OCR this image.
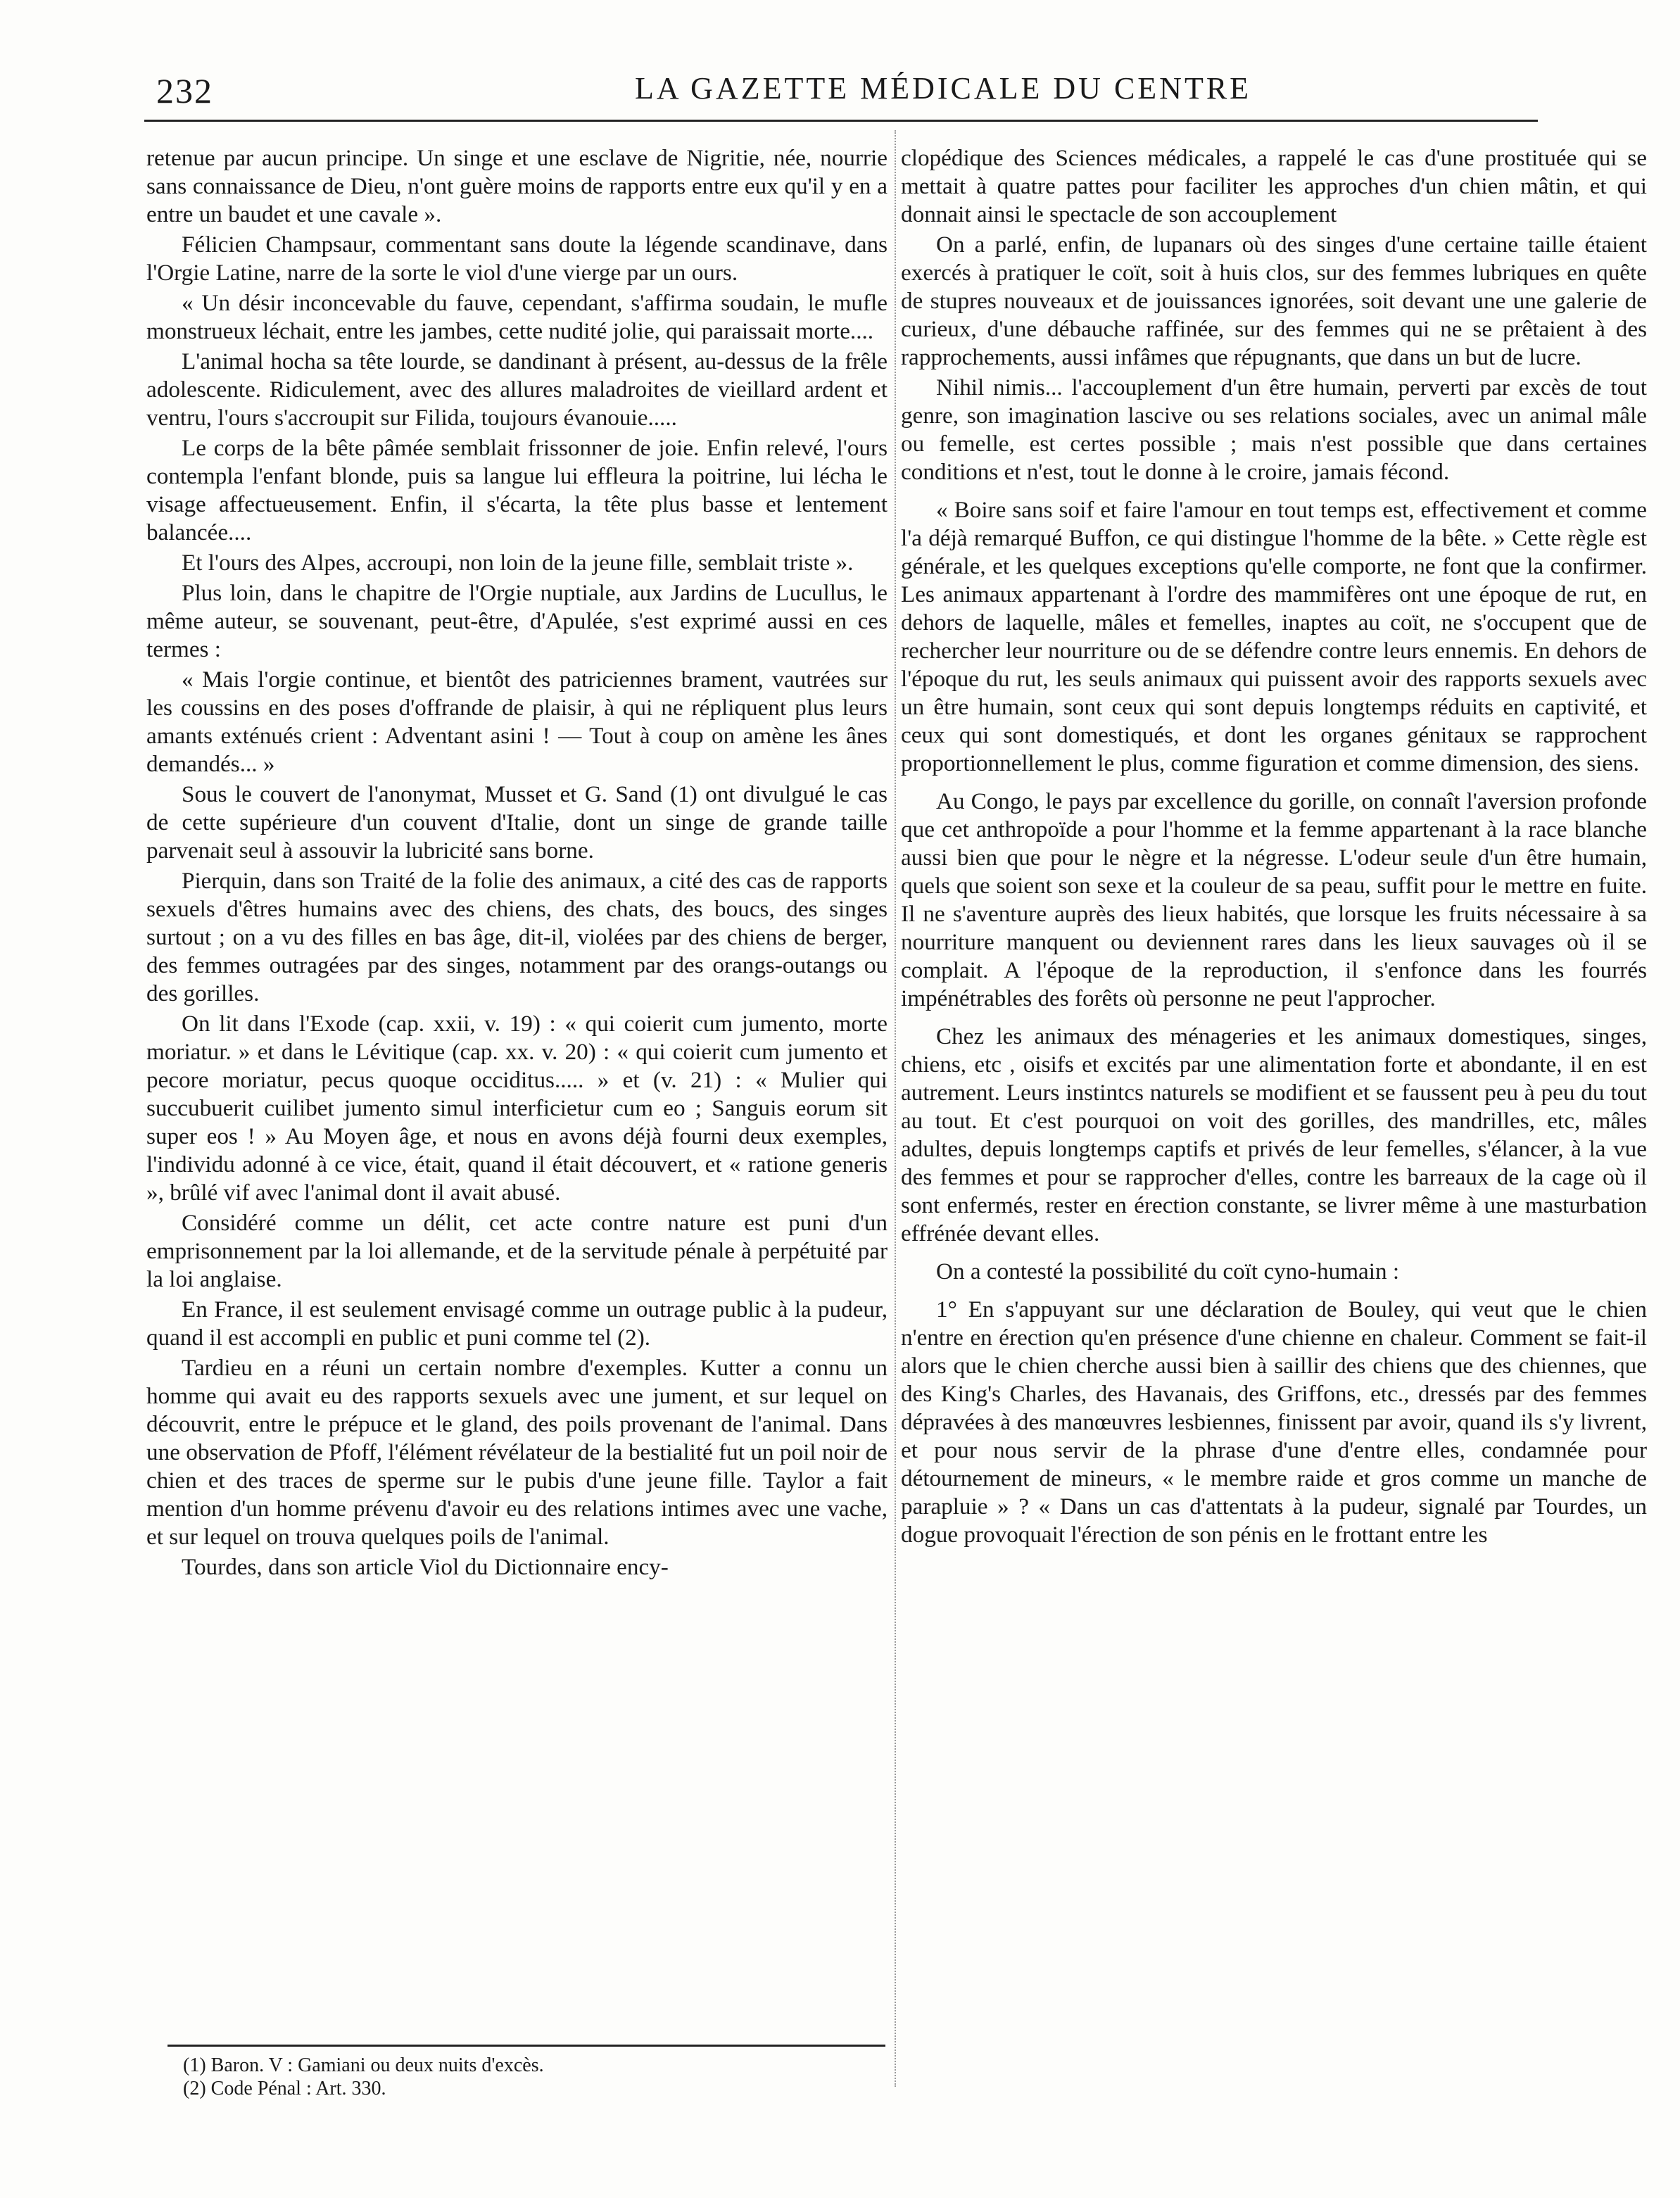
232	LA GAZETTE MÉDICALE DU CENTRE

retenue par aucun principe. Un singe et une esclave de Nigritie, née, nourrie sans connaissance de Dieu, n'ont guère moins de rapports entre eux qu'il y en a entre un baudet et une cavale ».

Félicien Champsaur, commentant sans doute la légende scandinave, dans l'Orgie Latine, narre de la sorte le viol d'une vierge par un ours.

« Un désir inconcevable du fauve, cependant, s'affirma soudain, le mufle monstrueux léchait, entre les jambes, cette nudité jolie, qui paraissait morte....

L'animal hocha sa tête lourde, se dandinant à présent, au-dessus de la frêle adolescente. Ridiculement, avec des allures maladroites de vieillard ardent et ventru, l'ours s'accroupit sur Filida, toujours évanouie.....

Le corps de la bête pâmée semblait frissonner de joie. Enfin relevé, l'ours contempla l'enfant blonde, puis sa langue lui effleura la poitrine, lui lécha le visage affectueusement. Enfin, il s'écarta, la tête plus basse et lentement balancée....

Et l'ours des Alpes, accroupi, non loin de la jeune fille, semblait triste ».

Plus loin, dans le chapitre de l'Orgie nuptiale, aux Jardins de Lucullus, le même auteur, se souvenant, peut-être, d'Apulée, s'est exprimé aussi en ces termes :

« Mais l'orgie continue, et bientôt des patriciennes brament, vautrées sur les coussins en des poses d'offrande de plaisir, à qui ne répliquent plus leurs amants exténués crient : Adventant asini ! — Tout à coup on amène les ânes demandés... »

Sous le couvert de l'anonymat, Musset et G. Sand (1) ont divulgué le cas de cette supérieure d'un couvent d'Italie, dont un singe de grande taille parvenait seul à assouvir la lubricité sans borne.

Pierquin, dans son Traité de la folie des animaux, a cité des cas de rapports sexuels d'êtres humains avec des chiens, des chats, des boucs, des singes surtout ; on a vu des filles en bas âge, dit-il, violées par des chiens de berger, des femmes outragées par des singes, notamment par des orangs-outangs ou des gorilles.

On lit dans l'Exode (cap. xxii, v. 19) : « qui coierit cum jumento, morte moriatur. » et dans le Lévitique (cap. xx. v. 20) : « qui coierit cum jumento et pecore moriatur, pecus quoque occiditus..... » et (v. 21) : « Mulier qui succubuerit cuilibet jumento simul interficietur cum eo ; Sanguis eorum sit super eos ! » Au Moyen âge, et nous en avons déjà fourni deux exemples, l'individu adonné à ce vice, était, quand il était découvert, et « ratione generis », brûlé vif avec l'animal dont il avait abusé.

Considéré comme un délit, cet acte contre nature est puni d'un emprisonnement par la loi allemande, et de la servitude pénale à perpétuité par la loi anglaise.

En France, il est seulement envisagé comme un outrage public à la pudeur, quand il est accompli en public et puni comme tel (2).

Tardieu en a réuni un certain nombre d'exemples. Kutter a connu un homme qui avait eu des rapports sexuels avec une jument, et sur lequel on découvrit, entre le prépuce et le gland, des poils provenant de l'animal. Dans une observation de Pfoff, l'élément révélateur de la bestialité fut un poil noir de chien et des traces de sperme sur le pubis d'une jeune fille. Taylor a fait mention d'un homme prévenu d'avoir eu des relations intimes avec une vache, et sur lequel on trouva quelques poils de l'animal.

Tourdes, dans son article Viol du Dictionnaire ency-

clopédique des Sciences médicales, a rappelé le cas d'une prostituée qui se mettait à quatre pattes pour faciliter les approches d'un chien mâtin, et qui donnait ainsi le spectacle de son accouplement

On a parlé, enfin, de lupanars où des singes d'une certaine taille étaient exercés à pratiquer le coït, soit à huis clos, sur des femmes lubriques en quête de stupres nouveaux et de jouissances ignorées, soit devant une une galerie de curieux, d'une débauche raffinée, sur des femmes qui ne se prêtaient à des rapprochements, aussi infâmes que répugnants, que dans un but de lucre.

Nihil nimis... l'accouplement d'un être humain, perverti par excès de tout genre, son imagination lascive ou ses relations sociales, avec un animal mâle ou femelle, est certes possible ; mais n'est possible que dans certaines conditions et n'est, tout le donne à le croire, jamais fécond.

« Boire sans soif et faire l'amour en tout temps est, effectivement et comme l'a déjà remarqué Buffon, ce qui distingue l'homme de la bête. » Cette règle est générale, et les quelques exceptions qu'elle comporte, ne font que la confirmer. Les animaux appartenant à l'ordre des mammifères ont une époque de rut, en dehors de laquelle, mâles et femelles, inaptes au coït, ne s'occupent que de rechercher leur nourriture ou de se défendre contre leurs ennemis. En dehors de l'époque du rut, les seuls animaux qui puissent avoir des rapports sexuels avec un être humain, sont ceux qui sont depuis longtemps réduits en captivité, et ceux qui sont domestiqués, et dont les organes génitaux se rapprochent proportionnellement le plus, comme figuration et comme dimension, des siens.

Au Congo, le pays par excellence du gorille, on connaît l'aversion profonde que cet anthropoïde a pour l'homme et la femme appartenant à la race blanche aussi bien que pour le nègre et la négresse. L'odeur seule d'un être humain, quels que soient son sexe et la couleur de sa peau, suffit pour le mettre en fuite. Il ne s'aventure auprès des lieux habités, que lorsque les fruits nécessaire à sa nourriture manquent ou deviennent rares dans les lieux sauvages où il se complait. A l'époque de la reproduction, il s'enfonce dans les fourrés impénétrables des forêts où personne ne peut l'approcher.

Chez les animaux des ménageries et les animaux domestiques, singes, chiens, etc , oisifs et excités par une alimentation forte et abondante, il en est autrement. Leurs instintcs naturels se modifient et se faussent peu à peu du tout au tout. Et c'est pourquoi on voit des gorilles, des mandrilles, etc, mâles adultes, depuis longtemps captifs et privés de leur femelles, s'élancer, à la vue des femmes et pour se rapprocher d'elles, contre les barreaux de la cage où il sont enfermés, rester en érection constante, se livrer même à une masturbation effrénée devant elles.

On a contesté la possibilité du coït cyno-humain :

1° En s'appuyant sur une déclaration de Bouley, qui veut que le chien n'entre en érection qu'en présence d'une chienne en chaleur. Comment se fait-il alors que le chien cherche aussi bien à saillir des chiens que des chiennes, que des King's Charles, des Havanais, des Griffons, etc., dressés par des femmes dépravées à des manœuvres lesbiennes, finissent par avoir, quand ils s'y livrent, et pour nous servir de la phrase d'une d'entre elles, condamnée pour détournement de mineurs, « le membre raide et gros comme un manche de parapluie » ? « Dans un cas d'attentats à la pudeur, signalé par Tourdes, un dogue provoquait l'érection de son pénis en le frottant entre les

(1) Baron. V : Gamiani ou deux nuits d'excès.
(2) Code Pénal : Art. 330.
